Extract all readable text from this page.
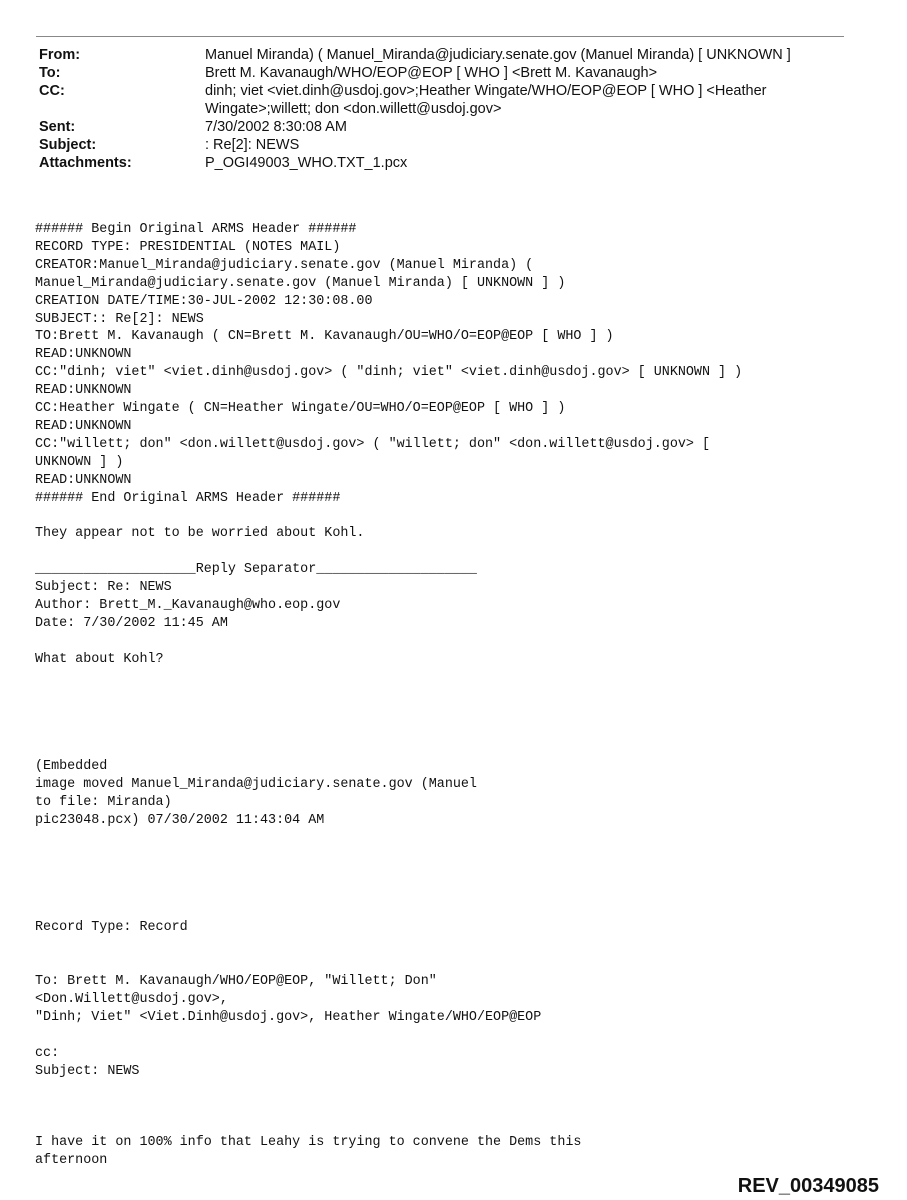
From:	Manuel Miranda) ( Manuel_Miranda@judiciary.senate.gov (Manuel Miranda) [ UNKNOWN ]
To:	Brett M. Kavanaugh/WHO/EOP@EOP [ WHO ] <Brett M. Kavanaugh>
CC:	dinh; viet <viet.dinh@usdoj.gov>;Heather Wingate/WHO/EOP@EOP [ WHO ] <Heather
Wingate>;willett; don <don.willett@usdoj.gov>
Sent:	7/30/2002 8:30:08 AM
Subject:	: Re[2]: NEWS
Attachments:	P_OGI49003_WHO.TXT_1.pcx
###### Begin Original ARMS Header ######
RECORD TYPE: PRESIDENTIAL (NOTES MAIL)
CREATOR:Manuel_Miranda@judiciary.senate.gov (Manuel Miranda) (
Manuel_Miranda@judiciary.senate.gov (Manuel Miranda) [ UNKNOWN ] )
CREATION DATE/TIME:30-JUL-2002 12:30:08.00
SUBJECT:: Re[2]: NEWS
TO:Brett M. Kavanaugh ( CN=Brett M. Kavanaugh/OU=WHO/O=EOP@EOP [ WHO ] )
READ:UNKNOWN
CC:"dinh; viet" <viet.dinh@usdoj.gov> ( "dinh; viet" <viet.dinh@usdoj.gov> [ UNKNOWN ] )
READ:UNKNOWN
CC:Heather Wingate ( CN=Heather Wingate/OU=WHO/O=EOP@EOP [ WHO ] )
READ:UNKNOWN
CC:"willett; don" <don.willett@usdoj.gov> ( "willett; don" <don.willett@usdoj.gov> [
UNKNOWN ] )
READ:UNKNOWN
###### End Original ARMS Header ######

They appear not to be worried about Kohl.

____________________Reply Separator____________________
Subject: Re: NEWS
Author: Brett_M._Kavanaugh@who.eop.gov
Date: 7/30/2002 11:45 AM

What about Kohl?

(Embedded
image moved Manuel_Miranda@judiciary.senate.gov (Manuel
to file: Miranda)
pic23048.pcx) 07/30/2002 11:43:04 AM

Record Type: Record

To: Brett M. Kavanaugh/WHO/EOP@EOP, "Willett; Don"
<Don.Willett@usdoj.gov>,
"Dinh; Viet" <Viet.Dinh@usdoj.gov>, Heather Wingate/WHO/EOP@EOP

cc:
Subject: NEWS

I have it on 100% info that Leahy is trying to convene the Dems this
afternoon
REV_00349085
